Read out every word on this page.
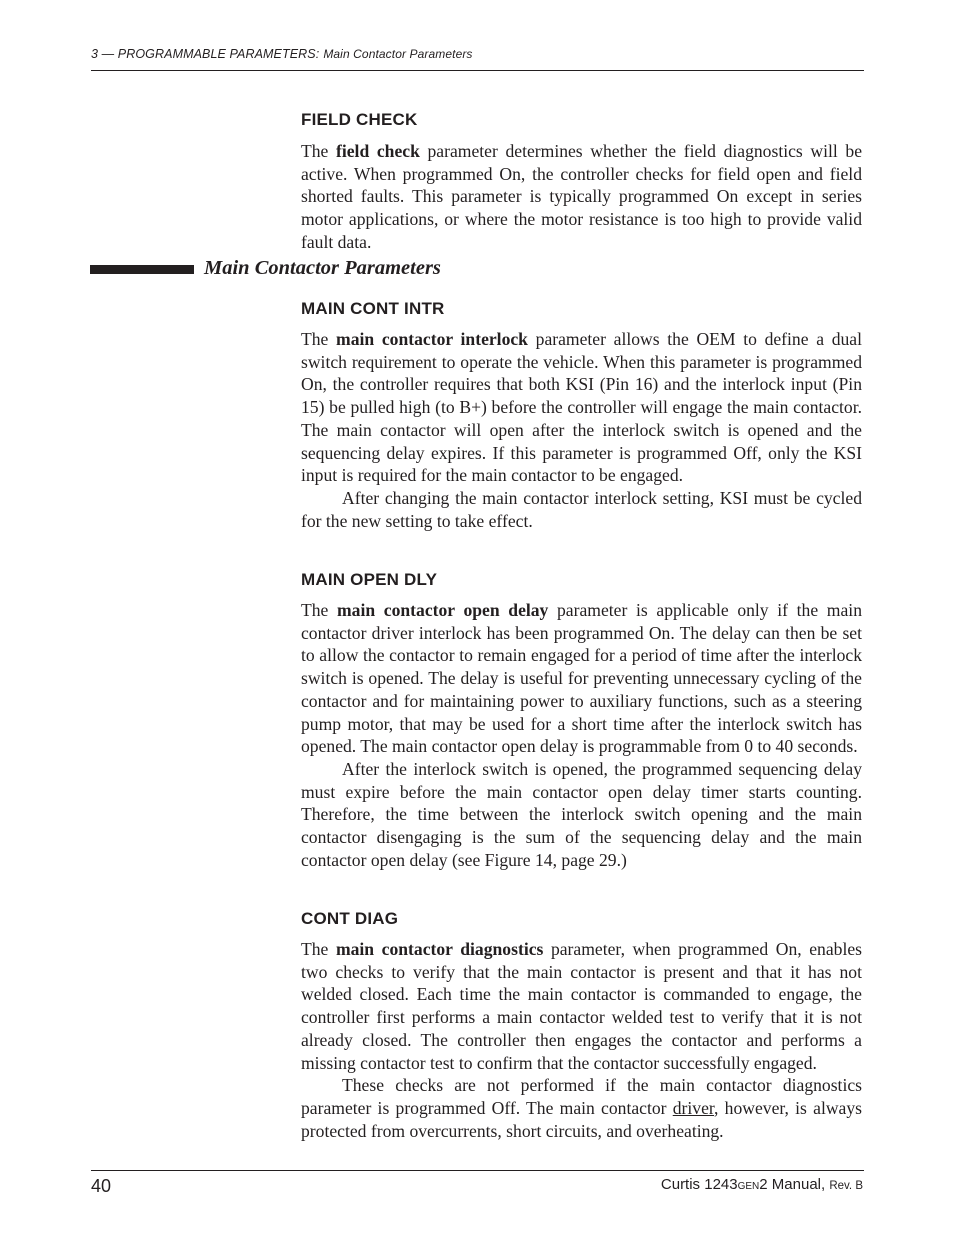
3 — PROGRAMMABLE PARAMETERS: Main Contactor Parameters
FIELD CHECK

The field check parameter determines whether the field diagnostics will be active. When programmed On, the controller checks for field open and field shorted faults. This parameter is typically programmed On except in series motor applications, or where the motor resistance is too high to provide valid fault data.

Main Contactor Parameters
MAIN CONT INTR

The main contactor interlock parameter allows the OEM to define a dual switch requirement to operate the vehicle. When this parameter is programmed On, the controller requires that both KSI (Pin 16) and the interlock input (Pin 15) be pulled high (to B+) before the controller will engage the main contactor. The main contactor will open after the interlock switch is opened and the sequencing delay expires. If this parameter is programmed Off, only the KSI input is required for the main contactor to be engaged.

After changing the main contactor interlock setting, KSI must be cycled for the new setting to take effect.

MAIN OPEN DLY

The main contactor open delay parameter is applicable only if the main contactor driver interlock has been programmed On. The delay can then be set to allow the contactor to remain engaged for a period of time after the interlock switch is opened. The delay is useful for preventing unnecessary cycling of the contactor and for maintaining power to auxiliary functions, such as a steering pump motor, that may be used for a short time after the interlock switch has opened. The main contactor open delay is programmable from 0 to 40 seconds.

After the interlock switch is opened, the programmed sequencing delay must expire before the main contactor open delay timer starts counting. Therefore, the time between the interlock switch opening and the main contactor disengaging is the sum of the sequencing delay and the main contactor open delay (see Figure 14, page 29.)

CONT DIAG

The main contactor diagnostics parameter, when programmed On, enables two checks to verify that the main contactor is present and that it has not welded closed. Each time the main contactor is commanded to engage, the controller first performs a main contactor welded test to verify that it is not already closed. The controller then engages the contactor and performs a missing contactor test to confirm that the contactor successfully engaged.

These checks are not performed if the main contactor diagnostics parameter is programmed Off. The main contactor driver, however, is always protected from overcurrents, short circuits, and overheating.

40	Curtis 1243GEN2 Manual, Rev. B
